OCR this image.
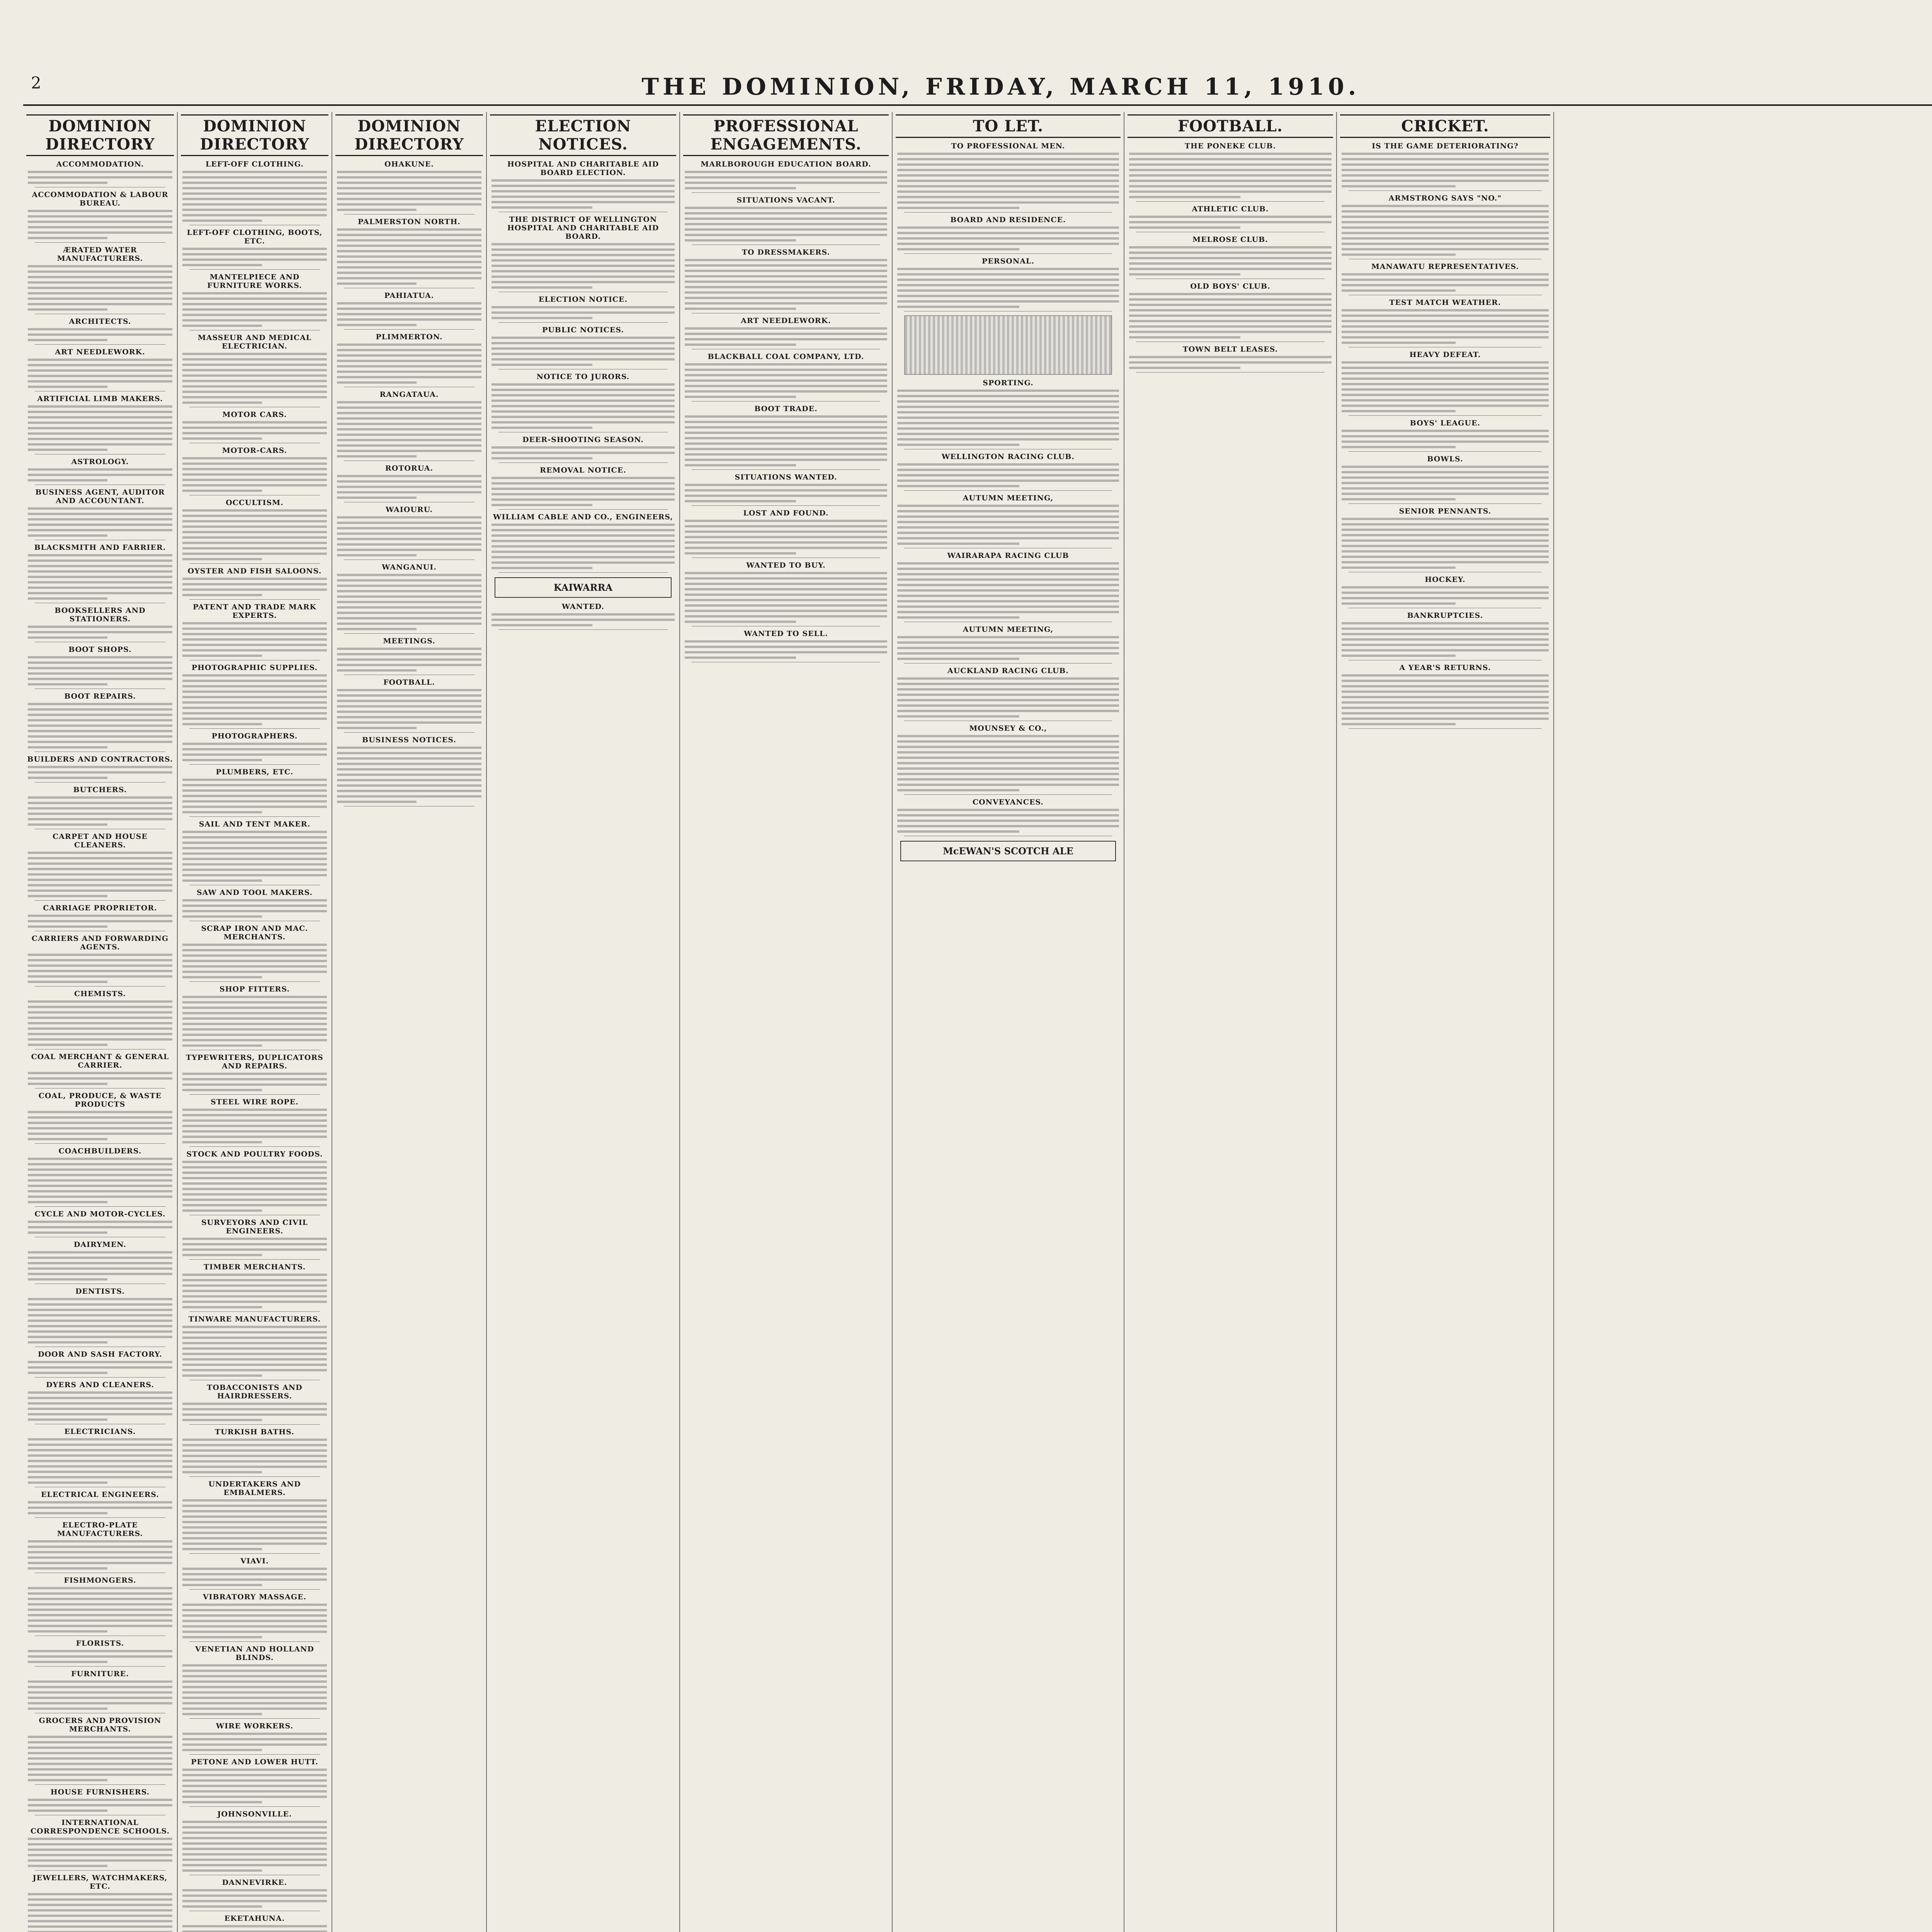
2	THE DOMINION, FRIDAY, MARCH 11, 1910.
DOMINION DIRECTORY
ACCOMMODATION.
ACCOMMODATION & LABOUR BUREAU.
ÆRATED WATER MANUFACTURERS.
ARCHITECTS.
ART NEEDLEWORK.
ARTIFICIAL LIMB MAKERS.
ASTROLOGY.
BUSINESS AGENT, AUDITOR AND ACCOUNTANT.
BLACKSMITH AND FARRIER.
BOOKSELLERS AND STATIONERS.
BOOT SHOPS.
BOOT REPAIRS.
BUILDERS AND CONTRACTORS.
BUTCHERS.
CARPET AND HOUSE CLEANERS.
CARRIAGE PROPRIETOR.
CARRIERS AND FORWARDING AGENTS.
CHEMISTS.
COAL MERCHANT & GENERAL CARRIER.
COAL, PRODUCE, & WASTE PRODUCTS
COACHBUILDERS.
CYCLE AND MOTOR-CYCLES.
DAIRYMEN.
DENTISTS.
DOOR AND SASH FACTORY.
DYERS AND CLEANERS.
ELECTRICIANS.
ELECTRICAL ENGINEERS.
ELECTRO-PLATE MANUFACTURERS.
FISHMONGERS.
FLORISTS.
FURNITURE.
GROCERS AND PROVISION MERCHANTS.
HOUSE FURNISHERS.
INTERNATIONAL CORRESPONDENCE SCHOOLS.
JEWELLERS, WATCHMAKERS, ETC.
DOMINION DIRECTORY
LEFT-OFF CLOTHING.
LEFT-OFF CLOTHING, BOOTS, ETC.
MANTELPIECE AND FURNITURE WORKS.
MASSEUR AND MEDICAL ELECTRICIAN.
MOTOR CARS.
MOTOR-CARS.
OCCULTISM.
OYSTER AND FISH SALOONS.
PATENT AND TRADE MARK EXPERTS.
PHOTOGRAPHIC SUPPLIES.
PHOTOGRAPHERS.
PLUMBERS, ETC.
SAIL AND TENT MAKER.
SAW AND TOOL MAKERS.
SCRAP IRON AND MAC. MERCHANTS.
SHOP FITTERS.
TYPEWRITERS, DUPLICATORS AND REPAIRS.
STEEL WIRE ROPE.
STOCK AND POULTRY FOODS.
SURVEYORS AND CIVIL ENGINEERS.
TIMBER MERCHANTS.
TINWARE MANUFACTURERS.
TOBACCONISTS AND HAIRDRESSERS.
TURKISH BATHS.
UNDERTAKERS AND EMBALMERS.
VIAVI.
VIBRATORY MASSAGE.
VENETIAN AND HOLLAND BLINDS.
WIRE WORKERS.
PETONE AND LOWER HUTT.
JOHNSONVILLE.
DANNEVIRKE.
EKETAHUNA.
DOMINION DIRECTORY
OHAKUNE.
PALMERSTON NORTH.
PAHIATUA.
PLIMMERTON.
RANGATAUA.
ROTORUA.
WAIOURU.
WANGANUI.
MEETINGS.
FOOTBALL.
BUSINESS NOTICES.
ELECTION NOTICES.
HOSPITAL AND CHARITABLE AID BOARD ELECTION.
THE DISTRICT OF WELLINGTON HOSPITAL AND CHARITABLE AID BOARD.
ELECTION NOTICE.
PUBLIC NOTICES.
NOTICE TO JURORS.
DEER-SHOOTING SEASON.
REMOVAL NOTICE.
WILLIAM CABLE AND CO., ENGINEERS,
KAIWARRA
WANTED.
PROFESSIONAL ENGAGEMENTS.
MARLBOROUGH EDUCATION BOARD.
SITUATIONS VACANT.
TO DRESSMAKERS.
ART NEEDLEWORK.
BLACKBALL COAL COMPANY, LTD.
BOOT TRADE.
SITUATIONS WANTED.
LOST AND FOUND.
WANTED TO BUY.
WANTED TO SELL.
TO LET.
TO PROFESSIONAL MEN.
BOARD AND RESIDENCE.
PERSONAL.
SPORTING.
WELLINGTON RACING CLUB.
AUTUMN MEETING,
WAIRARAPA RACING CLUB
AUTUMN MEETING,
AUCKLAND RACING CLUB.
MOUNSEY & CO.,
CONVEYANCES.
McEWAN'S SCOTCH ALE
FOOTBALL.
THE PONEKE CLUB.
ATHLETIC CLUB.
MELROSE CLUB.
OLD BOYS' CLUB.
TOWN BELT LEASES.
CRICKET.
IS THE GAME DETERIORATING?
ARMSTRONG SAYS "NO."
MANAWATU REPRESENTATIVES.
TEST MATCH WEATHER.
HEAVY DEFEAT.
BOYS' LEAGUE.
BOWLS.
SENIOR PENNANTS.
HOCKEY.
BANKRUPTCIES.
A YEAR'S RETURNS.
